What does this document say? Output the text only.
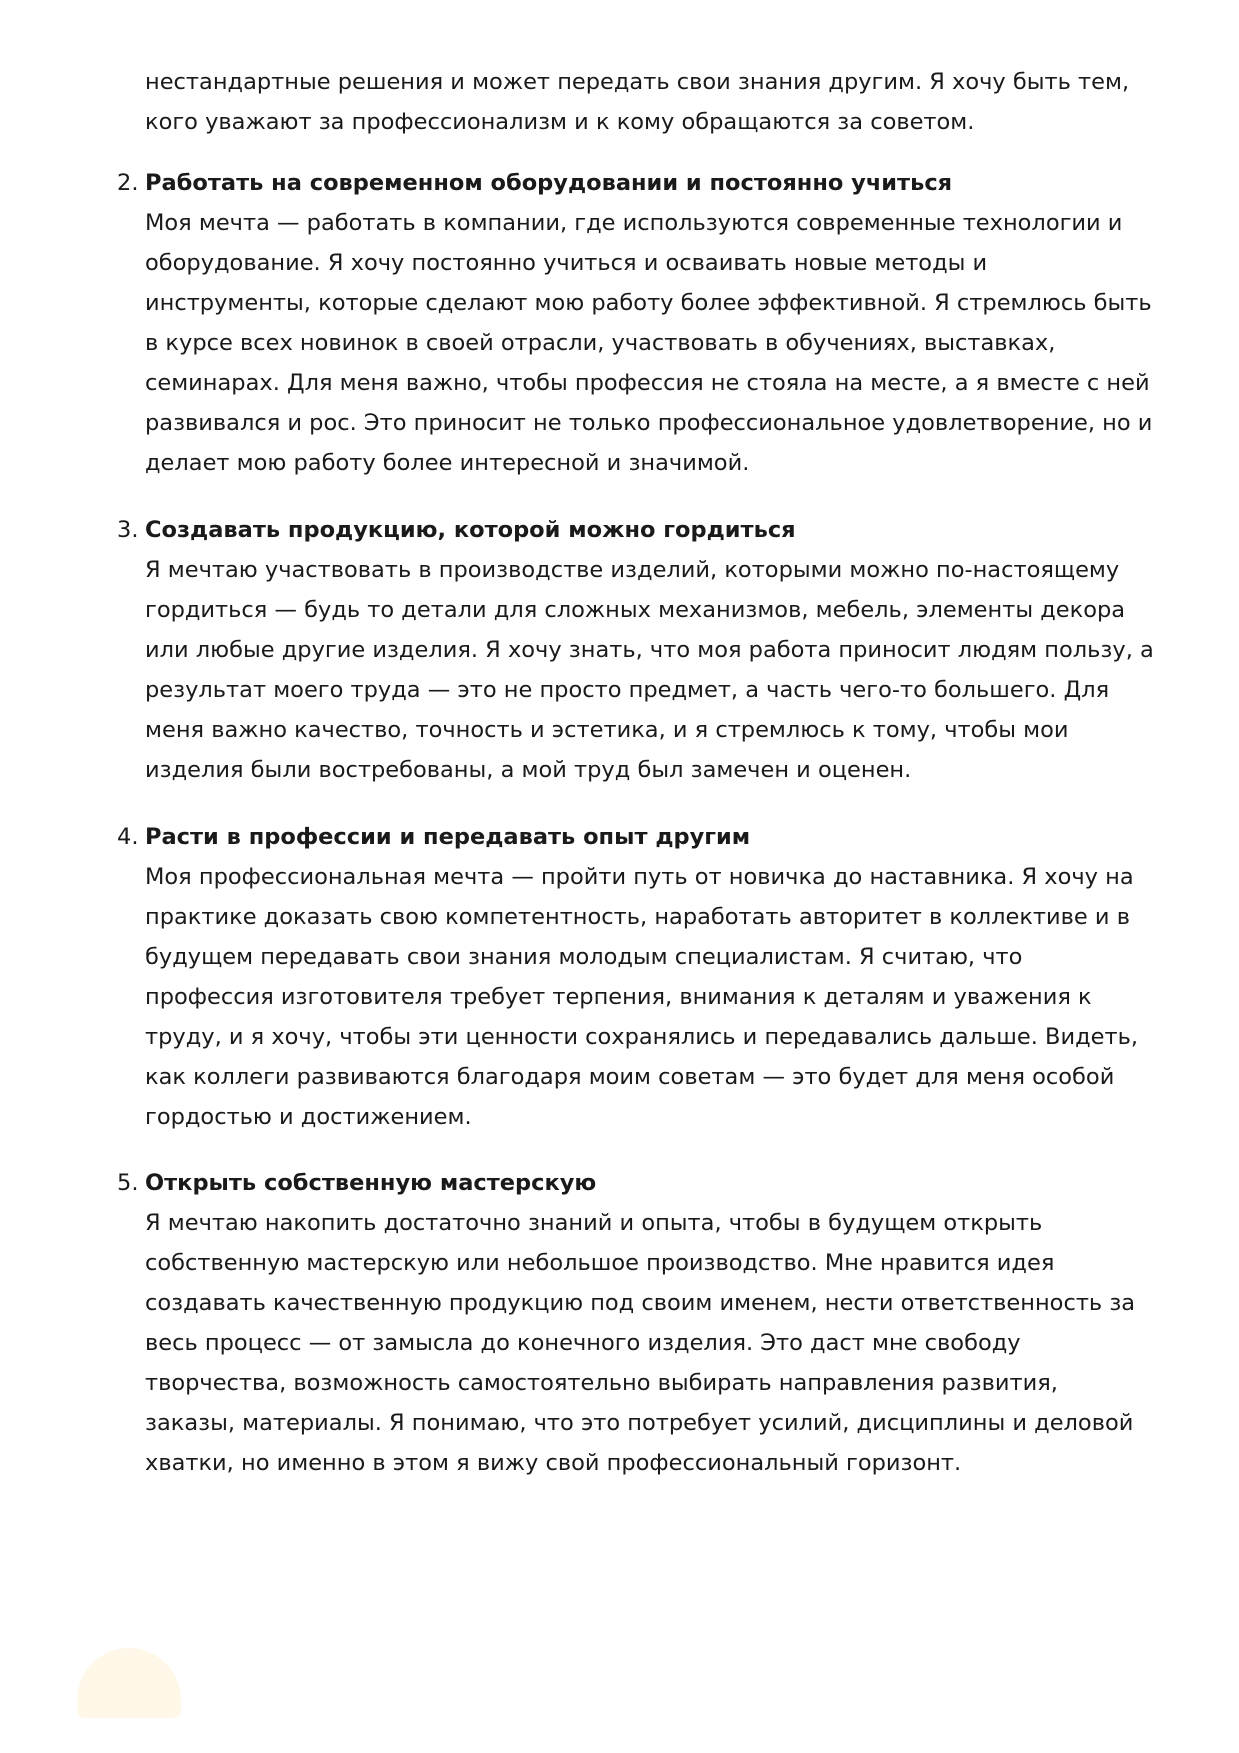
нестандартные решения и может передать свои знания другим. Я хочу быть тем, кого уважают за профессионализм и к кому обращаются за советом.

2. Работать на современном оборудовании и постоянно учиться

Моя мечта — работать в компании, где используются современные технологии и оборудование. Я хочу постоянно учиться и осваивать новые методы и инструменты, которые сделают мою работу более эффективной. Я стремлюсь быть в курсе всех новинок в своей отрасли, участвовать в обучениях, выставках, семинарах. Для меня важно, чтобы профессия не стояла на месте, а я вместе с ней развивался и рос. Это приносит не только профессиональное удовлетворение, но и делает мою работу более интересной и значимой.

3. Создавать продукцию, которой можно гордиться

Я мечтаю участвовать в производстве изделий, которыми можно по-настоящему гордиться — будь то детали для сложных механизмов, мебель, элементы декора или любые другие изделия. Я хочу знать, что моя работа приносит людям пользу, а результат моего труда — это не просто предмет, а часть чего-то большего. Для меня важно качество, точность и эстетика, и я стремлюсь к тому, чтобы мои изделия были востребованы, а мой труд был замечен и оценен.

4. Расти в профессии и передавать опыт другим

Моя профессиональная мечта — пройти путь от новичка до наставника. Я хочу на практике доказать свою компетентность, наработать авторитет в коллективе и в будущем передавать свои знания молодым специалистам. Я считаю, что профессия изготовителя требует терпения, внимания к деталям и уважения к труду, и я хочу, чтобы эти ценности сохранялись и передавались дальше. Видеть, как коллеги развиваются благодаря моим советам — это будет для меня особой гордостью и достижением.

5. Открыть собственную мастерскую

Я мечтаю накопить достаточно знаний и опыта, чтобы в будущем открыть собственную мастерскую или небольшое производство. Мне нравится идея создавать качественную продукцию под своим именем, нести ответственность за весь процесс — от замысла до конечного изделия. Это даст мне свободу творчества, возможность самостоятельно выбирать направления развития, заказы, материалы. Я понимаю, что это потребует усилий, дисциплины и деловой хватки, но именно в этом я вижу свой профессиональный горизонт.
